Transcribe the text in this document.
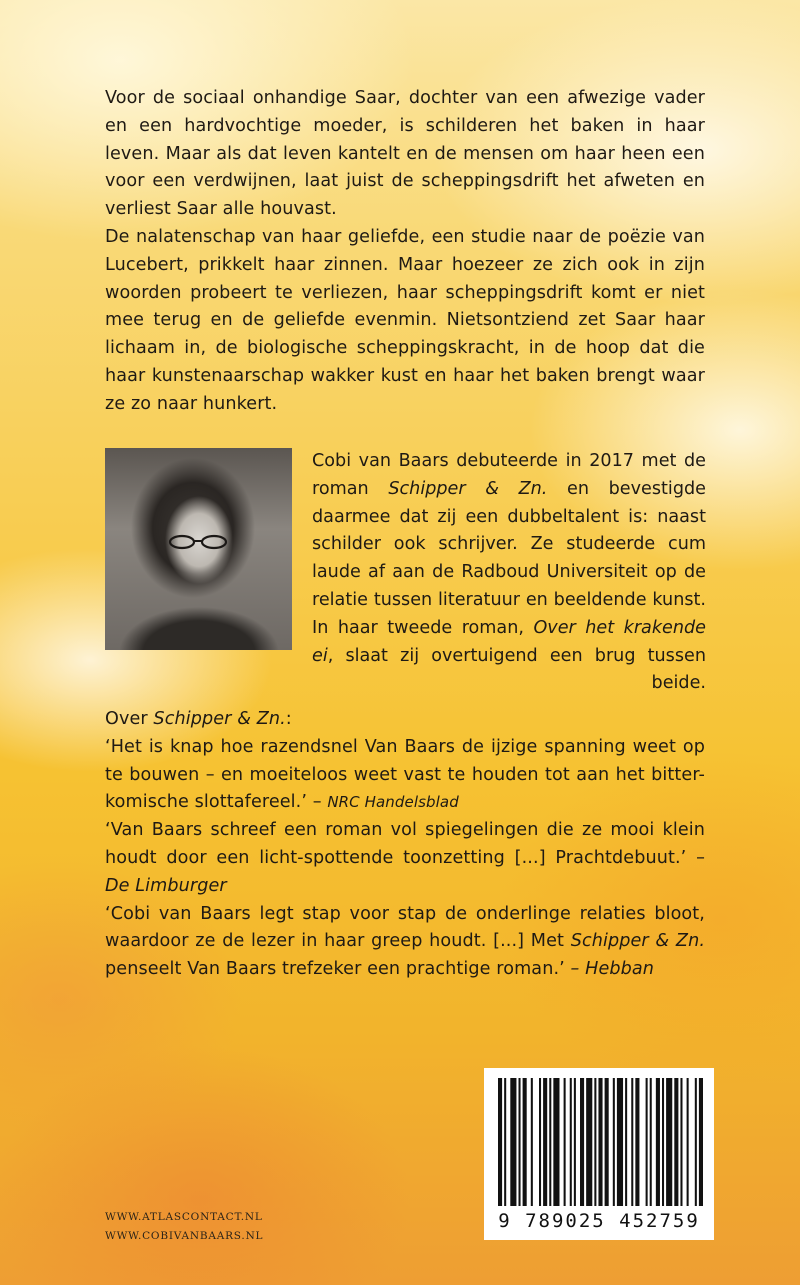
Voor de sociaal onhandige Saar, dochter van een afwezige vader en een hardvochtige moeder, is schilderen het baken in haar leven. Maar als dat leven kantelt en de mensen om haar heen een voor een verdwijnen, laat juist de scheppingsdrift het afweten en verliest Saar alle houvast.

De nalatenschap van haar geliefde, een studie naar de poëzie van Lucebert, prikkelt haar zinnen. Maar hoezeer ze zich ook in zijn woorden probeert te verliezen, haar scheppingsdrift komt er niet mee terug en de geliefde evenmin. Nietsontziend zet Saar haar lichaam in, de biologische scheppingskracht, in de hoop dat die haar kunstenaarschap wakker kust en haar het baken brengt waar ze zo naar hunkert.

Cobi van Baars debuteerde in 2017 met de roman Schipper & Zn. en bevestigde daarmee dat zij een dubbeltalent is: naast schilder ook schrijver. Ze studeerde cum laude af aan de Radboud Universiteit op de relatie tussen literatuur en beeldende kunst. In haar tweede roman, Over het krakende ei, slaat zij overtuigend een brug tussen beide.

Over Schipper & Zn.:

‘Het is knap hoe razendsnel Van Baars de ijzige spanning weet op te bouwen – en moeiteloos weet vast te houden tot aan het bitter-komische slottafereel.’ – NRC Handelsblad

‘Van Baars schreef een roman vol spiegelingen die ze mooi klein houdt door een licht-spottende toonzetting [...] Prachtdebuut.’ – De Limburger

‘Cobi van Baars legt stap voor stap de onderlinge relaties bloot, waardoor ze de lezer in haar greep houdt. [...] Met Schipper & Zn. penseelt Van Baars trefzeker een prachtige roman.’ – Hebban

9 789025 452759
WWW.ATLASCONTACT.NL
WWW.COBIVANBAARS.NL
